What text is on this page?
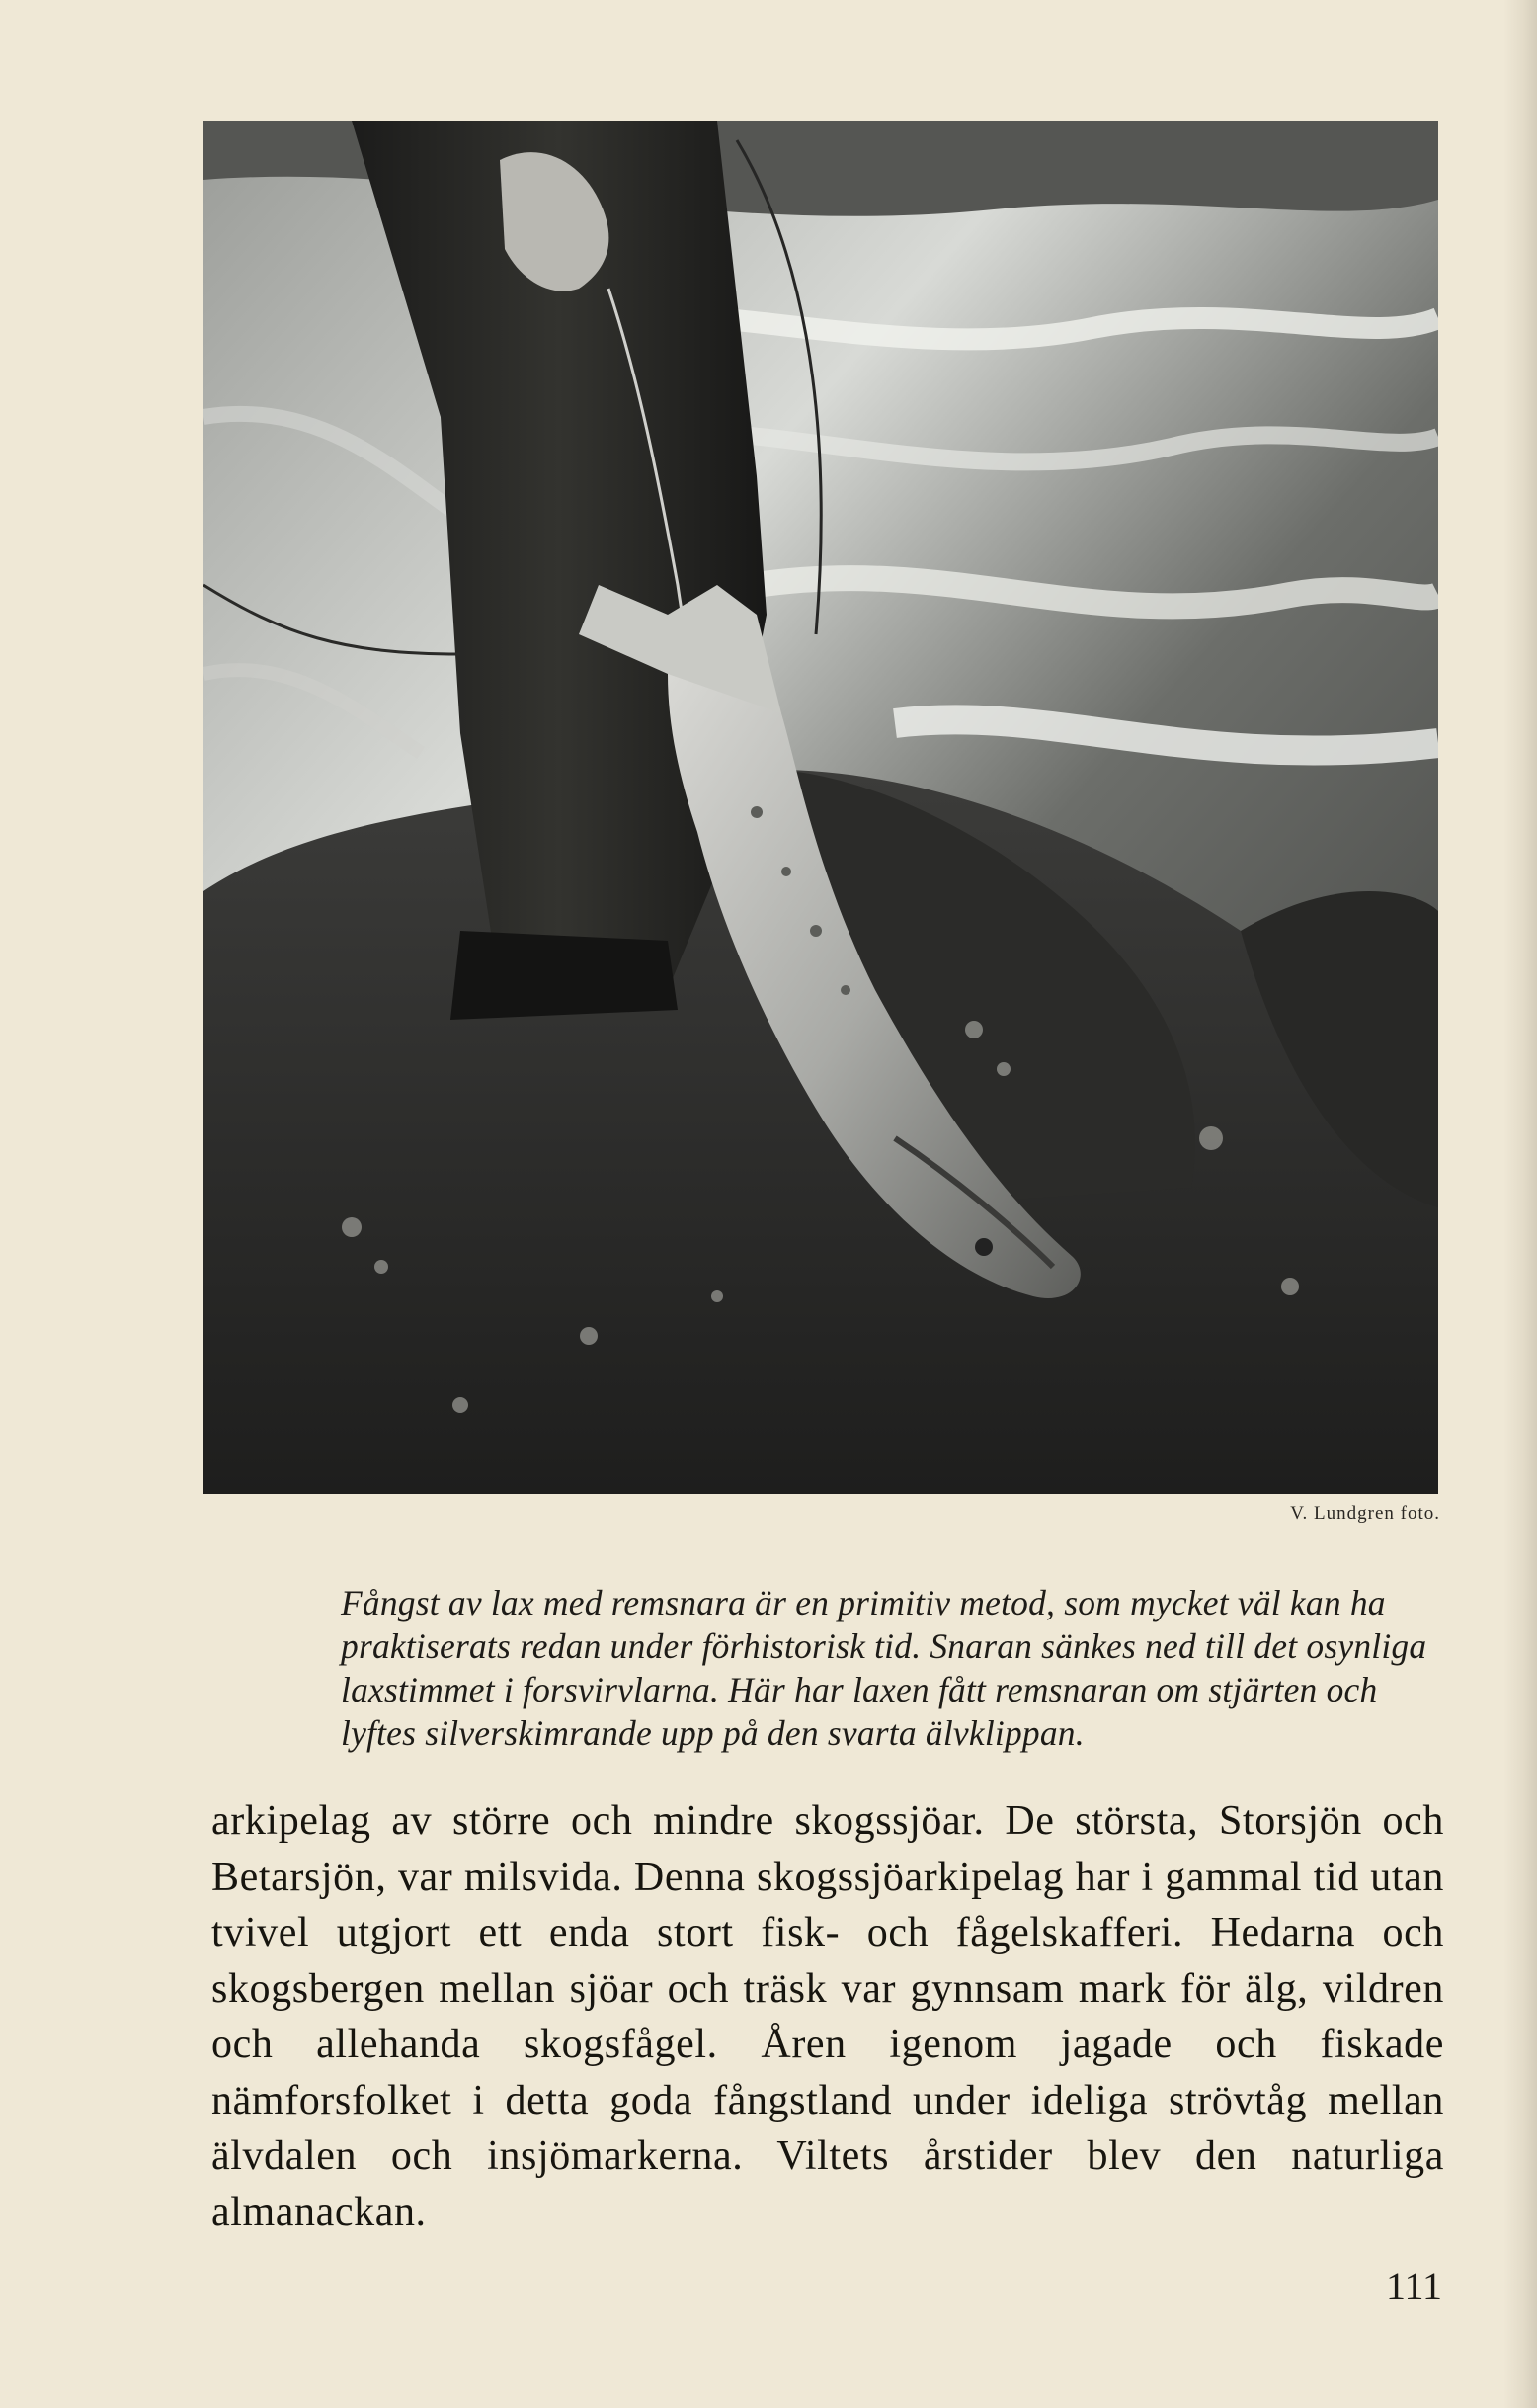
V. Lundgren foto.
Fångst av lax med remsnara är en primitiv metod, som mycket väl kan ha praktiserats redan under förhistorisk tid. Snaran sänkes ned till det osynliga laxstimmet i forsvirvlarna. Här har laxen fått remsnaran om stjärten och lyftes silverskimrande upp på den svarta älvklippan.
arkipelag av större och mindre skogssjöar. De största, Storsjön och Betarsjön, var milsvida. Denna skogssjöarkipelag har i gammal tid utan tvivel utgjort ett enda stort fisk- och fågelskafferi. Hedarna och skogsbergen mellan sjöar och träsk var gynnsam mark för älg, vildren och allehanda skogsfågel. Åren igenom jagade och fiskade nämforsfolket i detta goda fångstland under ideliga strövtåg mellan älvdalen och insjömarkerna. Viltets årstider blev den naturliga almanackan.
111
